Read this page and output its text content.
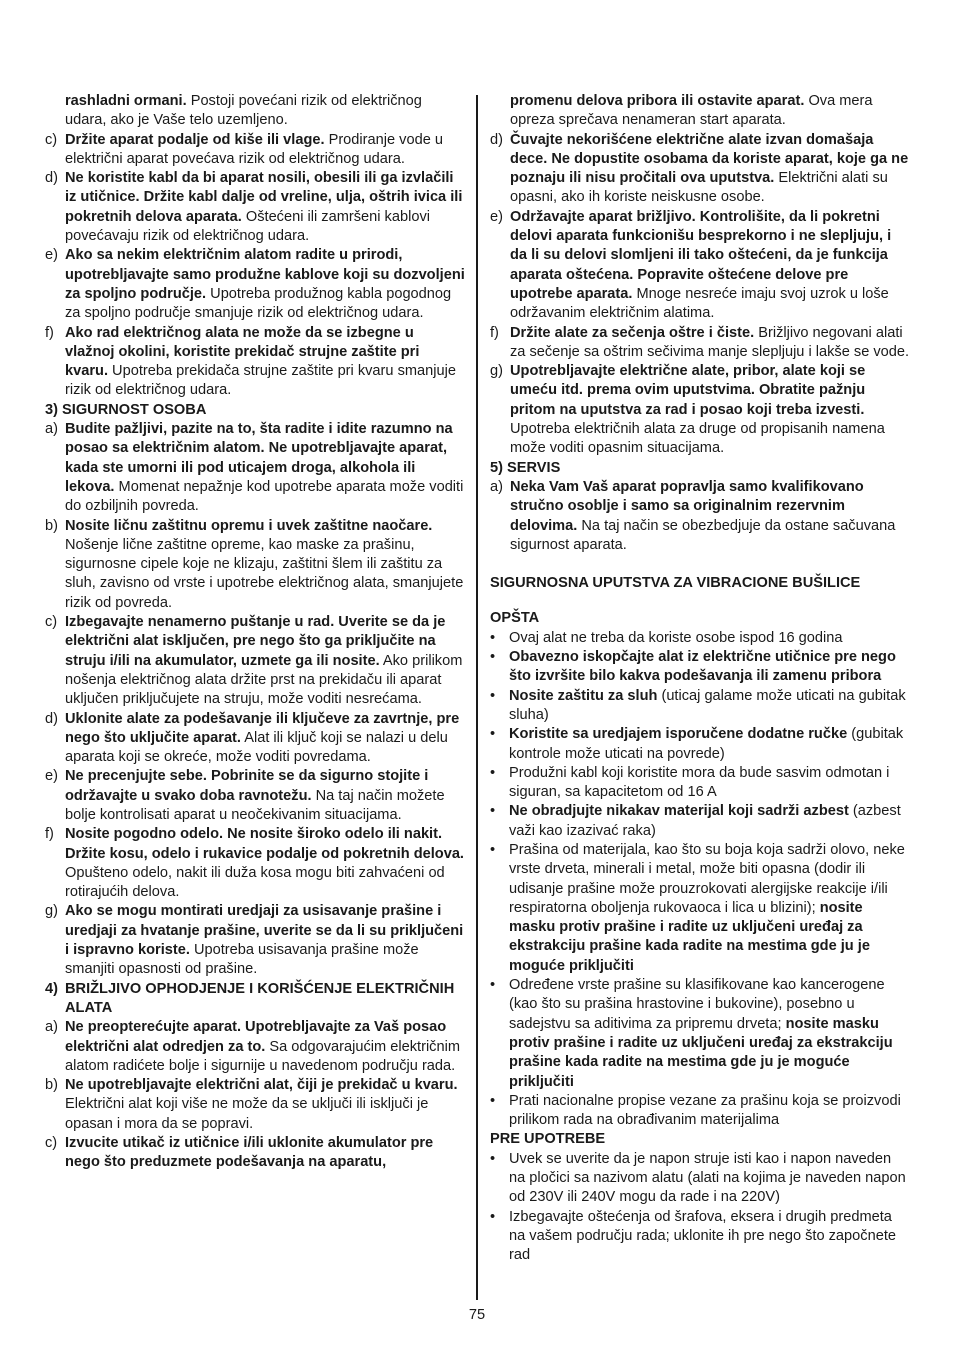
rashladni ormani. Postoji povećani rizik od električnog udara, ako je Vaše telo uzemljeno.
c) Držite aparat podalje od kiše ili vlage. Prodiranje vode u električni aparat povećava rizik od električnog udara.
d) Ne koristite kabl da bi aparat nosili, obesili ili ga izvlačili iz utičnice. Držite kabl dalje od vreline, ulja, oštrih ivica ili pokretnih delova aparata. Oštećeni ili zamršeni kablovi povećavaju rizik od električnog udara.
e) Ako sa nekim električnim alatom radite u prirodi, upotrebljavajte samo produžne kablove koji su dozvoljeni za spoljno područje. Upotreba produžnog kabla pogodnog za spoljno područje smanjuje rizik od električnog udara.
f) Ako rad električnog alata ne može da se izbegne u vlažnoj okolini, koristite prekidač strujne zaštite pri kvaru. Upotreba prekidača strujne zaštite pri kvaru smanjuje rizik od električnog udara.
3) SIGURNOST OSOBA
a) Budite pažljivi, pazite na to, šta radite i idite razumno na posao sa električnim alatom. Ne upotrebljavajte aparat, kada ste umorni ili pod uticajem droga, alkohola ili lekova. Momenat nepažnje kod upotrebe aparata može voditi do ozbiljnih povreda.
b) Nosite ličnu zaštitnu opremu i uvek zaštitne naočare. Nošenje lične zaštitne opreme, kao maske za prašinu, sigurnosne cipele koje ne klizaju, zaštitni šlem ili zaštitu za sluh, zavisno od vrste i upotrebe električnog alata, smanjujete rizik od povreda.
c) Izbegavajte nenamerno puštanje u rad. Uverite se da je električni alat isključen, pre nego što ga priključite na struju i/ili na akumulator, uzmete ga ili nosite. Ako prilikom nošenja električnog alata držite prst na prekidaču ili aparat uključen priključujete na struju, može voditi nesrećama.
d) Uklonite alate za podešavanje ili ključeve za zavrtnje, pre nego što uključite aparat. Alat ili ključ koji se nalazi u delu aparata koji se okreće, može voditi povredama.
e) Ne precenjujte sebe. Pobrinite se da sigurno stojite i održavajte u svako doba ravnotežu. Na taj način možete bolje kontrolisati aparat u neočekivanim situacijama.
f) Nosite pogodno odelo. Ne nosite široko odelo ili nakit. Držite kosu, odelo i rukavice podalje od pokretnih delova. Opušteno odelo, nakit ili duža kosa mogu biti zahvaćeni od rotirajućih delova.
g) Ako se mogu montirati uredjaji za usisavanje prašine i uredjaji za hvatanje prašine, uverite se da li su priključeni i ispravno koriste. Upotreba usisavanja prašine može smanjiti opasnosti od prašine.
4) BRIŽLJIVO OPHODJENJE I KORIŠĆENJE ELEKTRIČNIH ALATA
a) Ne preopterećujte aparat. Upotrebljavajte za Vaš posao električni alat odredjen za to. Sa odgovarajućim električnim alatom radićete bolje i sigurnije u navedenom području rada.
b) Ne upotrebljavajte električni alat, čiji je prekidač u kvaru. Električni alat koji više ne može da se uključi ili isključi je opasan i mora da se popravi.
c) Izvucite utikač iz utičnice i/ili uklonite akumulator pre nego što preduzmete podešavanja na aparatu,
promenu delova pribora ili ostavite aparat. Ova mera opreza sprečava nenameran start aparata.
d) Čuvajte nekorišćene električne alate izvan domašaja dece. Ne dopustite osobama da koriste aparat, koje ga ne poznaju ili nisu pročitali ova uputstva. Električni alati su opasni, ako ih koriste neiskusne osobe.
e) Održavajte aparat brižljivo. Kontrolišite, da li pokretni delovi aparata funkcionišu besprekorno i ne slepljuju, i da li su delovi slomljeni ili tako oštećeni, da je funkcija aparata oštećena. Popravite oštećene delove pre upotrebe aparata. Mnoge nesreće imaju svoj uzrok u loše održavanim električnim alatima.
f) Držite alate za sečenja oštre i čiste. Brižljivo negovani alati za sečenje sa oštrim sečivima manje slepljuju i lakše se vode.
g) Upotrebljavajte električne alate, pribor, alate koji se umeću itd. prema ovim uputstvima. Obratite pažnju pritom na uputstva za rad i posao koji treba izvesti. Upotreba električnih alata za druge od propisanih namena može voditi opasnim situacijama.
5) SERVIS
a) Neka Vam Vaš aparat popravlja samo kvalifikovano stručno osoblje i samo sa originalnim rezervnim delovima. Na taj način se obezbedjuje da ostane sačuvana sigurnost aparata.
SIGURNOSNA UPUTSTVA ZA VIBRACIONE BUŠILICE
OPŠTA
• Ovaj alat ne treba da koriste osobe ispod 16 godina
• Obavezno iskopčajte alat iz električne utičnice pre nego što izvršite bilo kakva podešavanja ili zamenu pribora
• Nosite zaštitu za sluh (uticaj galame može uticati na gubitak sluha)
• Koristite sa uredjajem isporučene dodatne ručke (gubitak kontrole može uticati na povrede)
• Produžni kabl koji koristite mora da bude sasvim odmotan i siguran, sa kapacitetom od 16 A
• Ne obradjujte nikakav materijal koji sadrži azbest (azbest važi kao izazivać raka)
• Prašina od materijala, kao što su boja koja sadrži olovo, neke vrste drveta, minerali i metal, može biti opasna (dodir ili udisanje prašine može prouzrokovati alergijske reakcije i/ili respiratorna oboljenja rukovaoca i lica u blizini); nosite masku protiv prašine i radite uz uključeni uređaj za ekstrakciju prašine kada radite na mestima gde ju je moguće priključiti
• Određene vrste prašine su klasifikovane kao kancerogene (kao što su prašina hrastovine i bukovine), posebno u sadejstvu sa aditivima za pripremu drveta; nosite masku protiv prašine i radite uz uključeni uređaj za ekstrakciju prašine kada radite na mestima gde ju je moguće priključiti
• Prati nacionalne propise vezane za prašinu koja se proizvodi prilikom rada na obrađivanim materijalima
PRE UPOTREBE
• Uvek se uverite da je napon struje isti kao i napon naveden na pločici sa nazivom alatu (alati na kojima je naveden napon od 230V ili 240V mogu da rade i na 220V)
• Izbegavajte oštećenja od šrafova, eksera i drugih predmeta na vašem području rada; uklonite ih pre nego što započnete rad
75
